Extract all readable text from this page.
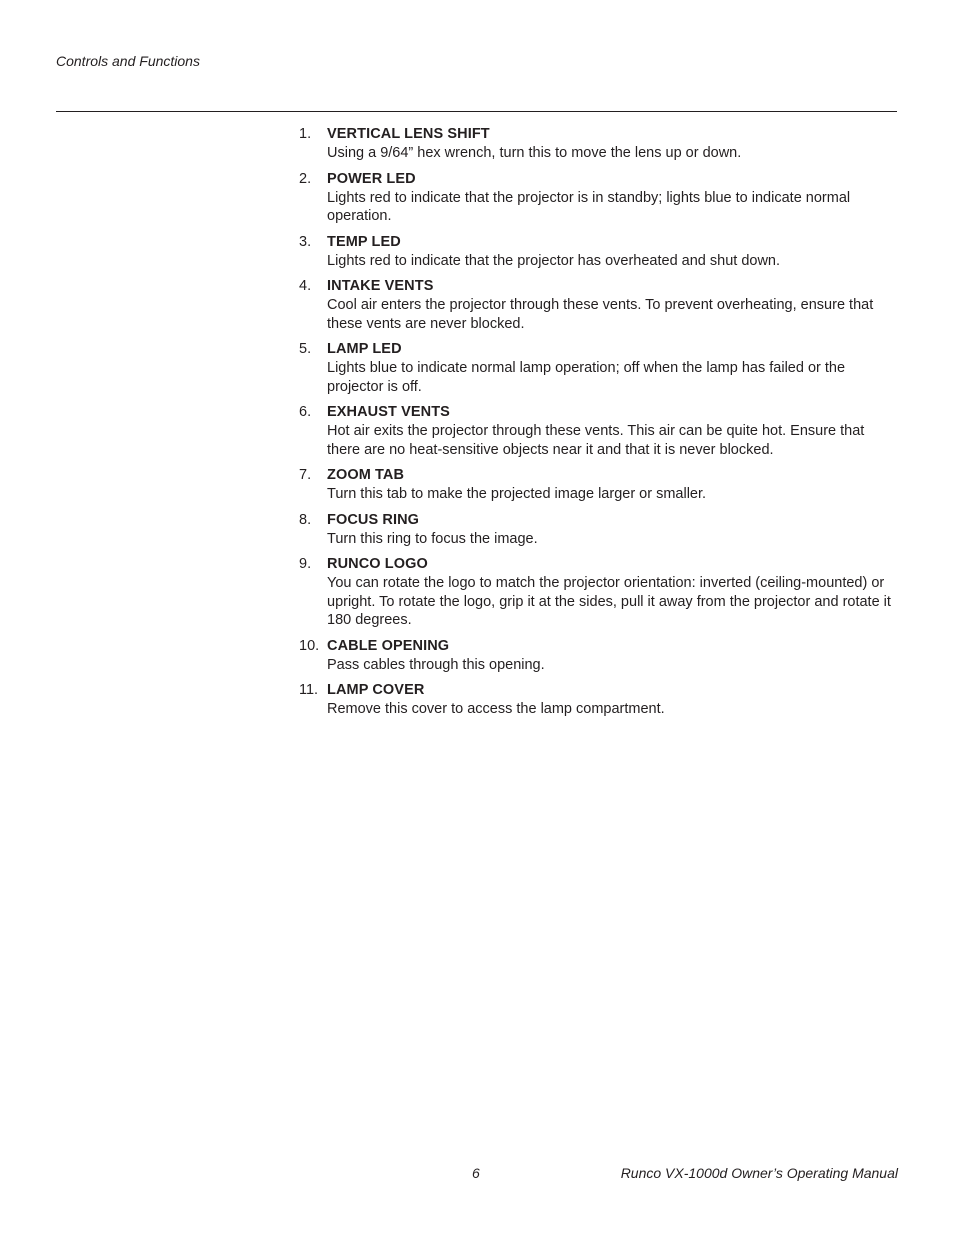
Controls and Functions
1. VERTICAL LENS SHIFT
Using a 9/64” hex wrench, turn this to move the lens up or down.
2. POWER LED
Lights red to indicate that the projector is in standby; lights blue to indicate normal operation.
3. TEMP LED
Lights red to indicate that the projector has overheated and shut down.
4. INTAKE VENTS
Cool air enters the projector through these vents. To prevent overheating, ensure that these vents are never blocked.
5. LAMP LED
Lights blue to indicate normal lamp operation; off when the lamp has failed or the projector is off.
6. EXHAUST VENTS
Hot air exits the projector through these vents. This air can be quite hot. Ensure that there are no heat-sensitive objects near it and that it is never blocked.
7. ZOOM TAB
Turn this tab to make the projected image larger or smaller.
8. FOCUS RING
Turn this ring to focus the image.
9. RUNCO LOGO
You can rotate the logo to match the projector orientation: inverted (ceiling-mounted) or upright. To rotate the logo, grip it at the sides, pull it away from the projector and rotate it 180 degrees.
10. CABLE OPENING
Pass cables through this opening.
11. LAMP COVER
Remove this cover to access the lamp compartment.
6	Runco VX-1000d Owner’s Operating Manual
